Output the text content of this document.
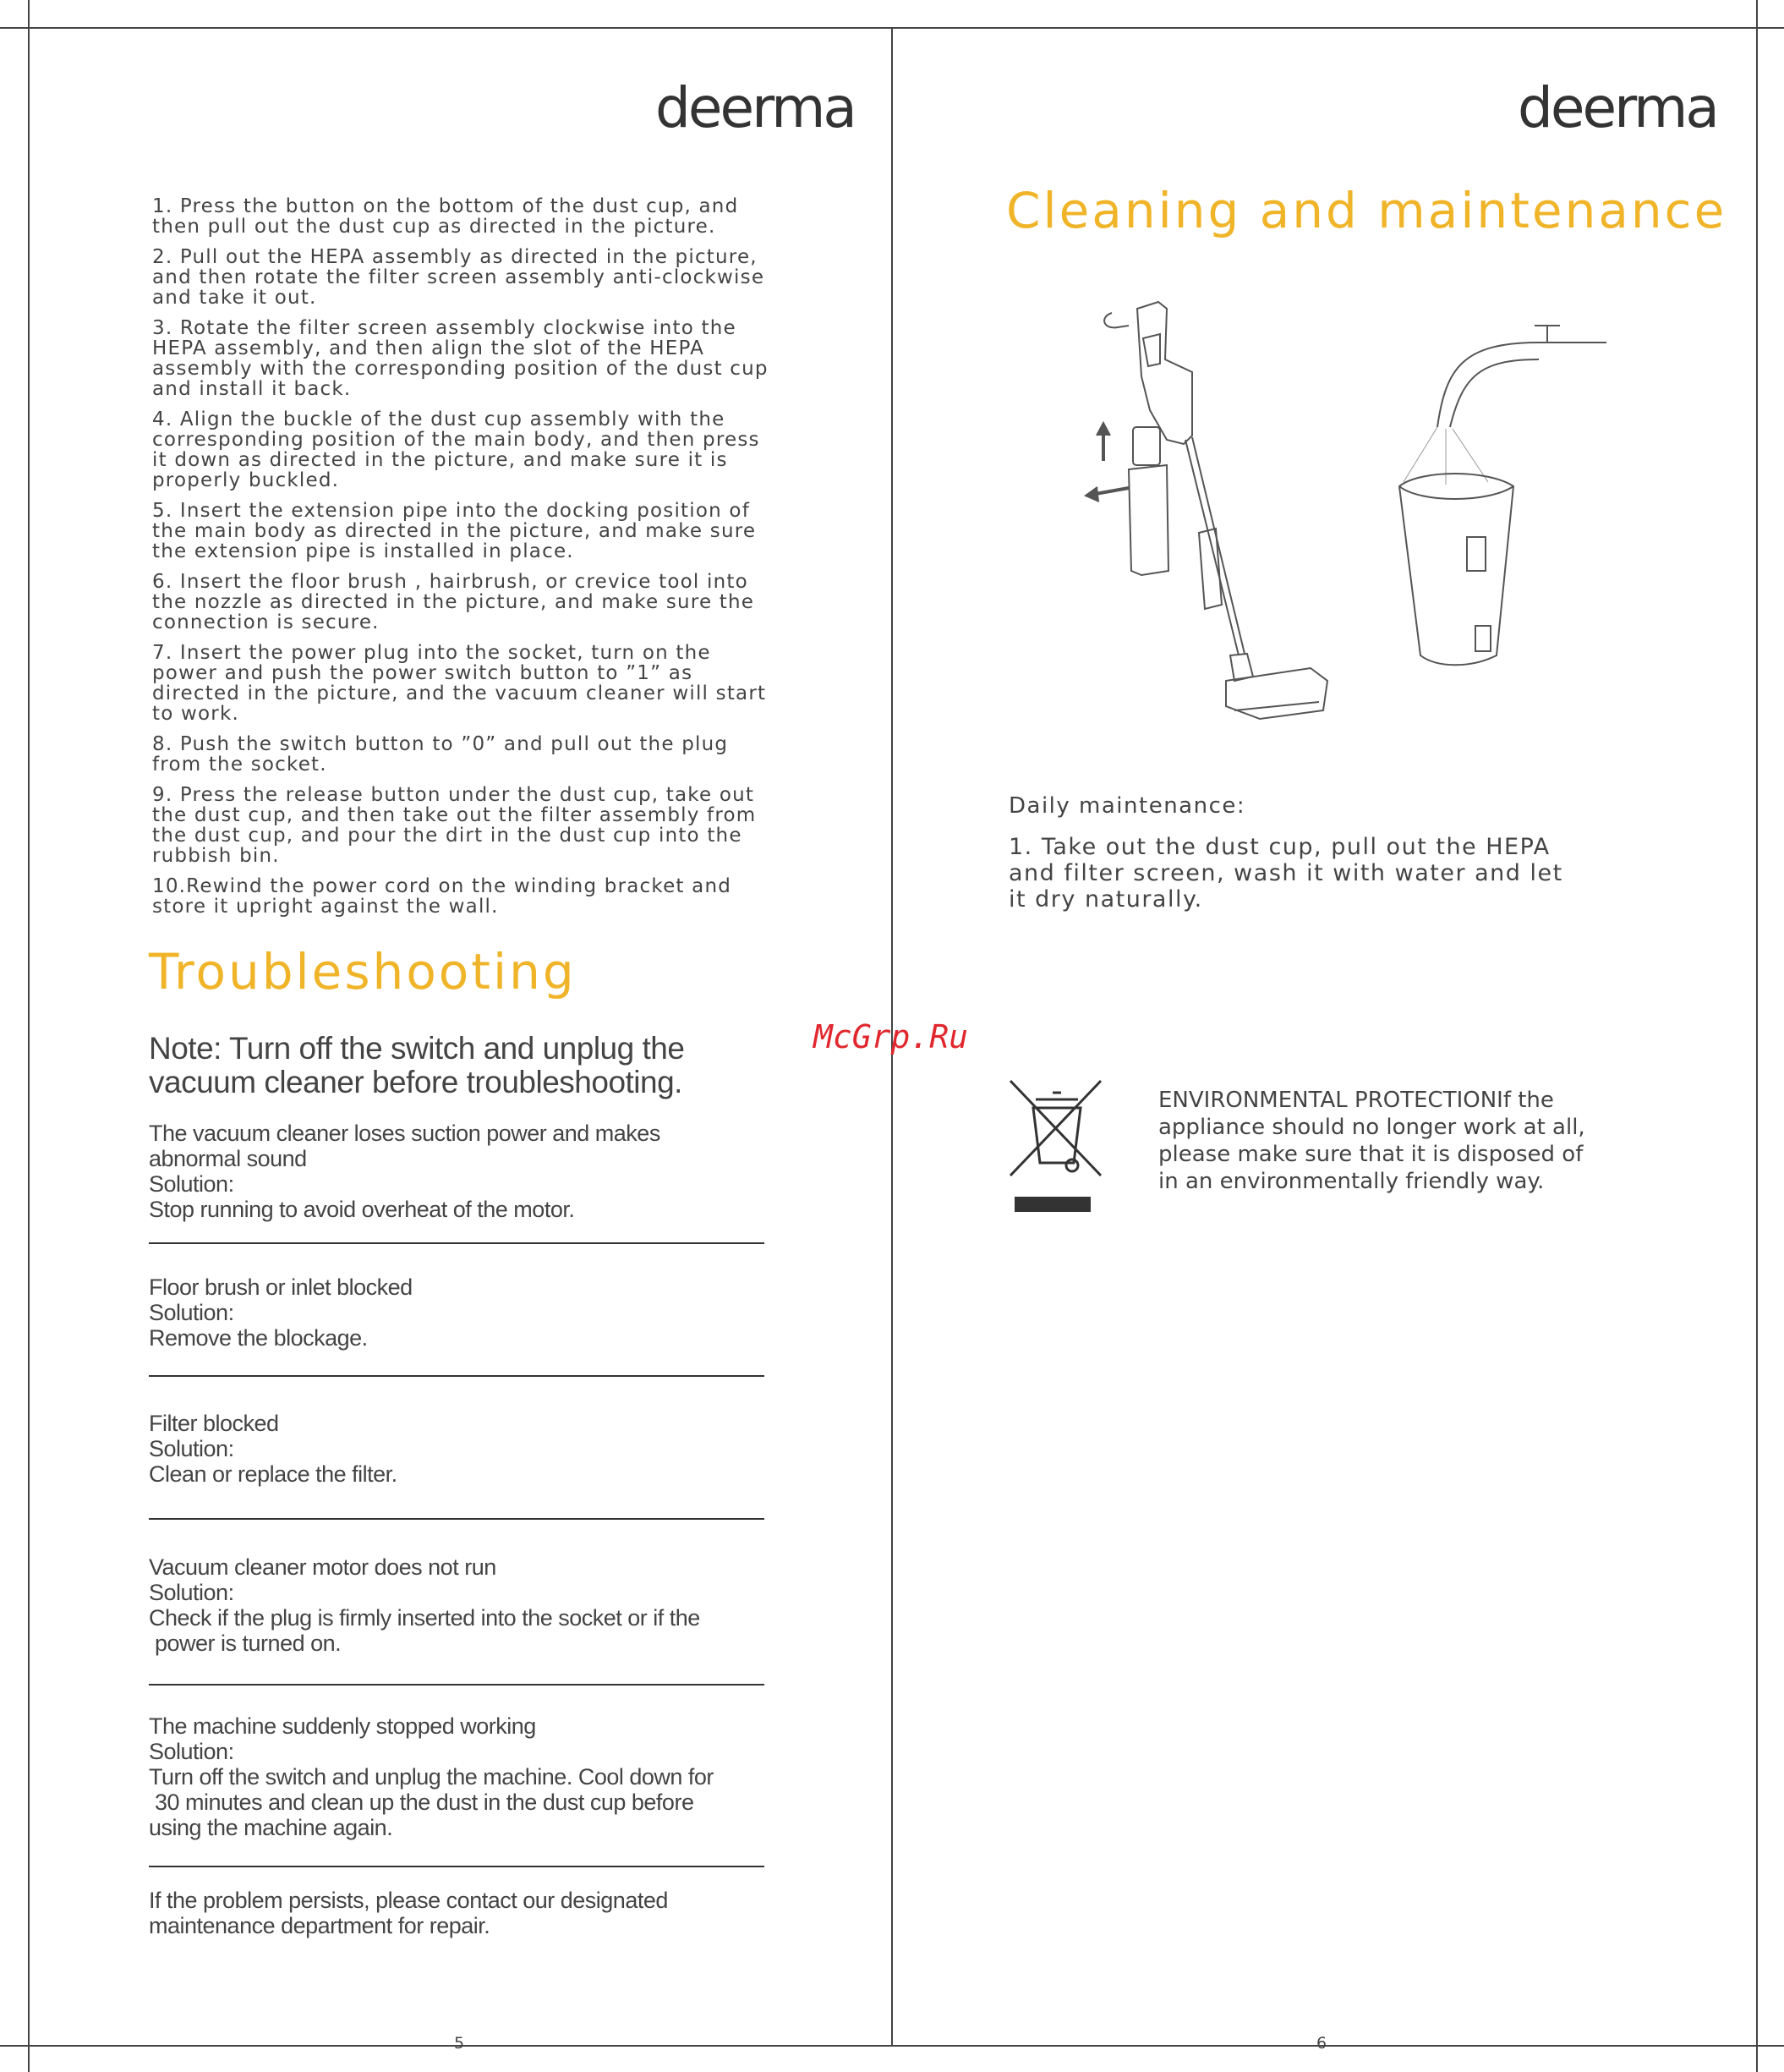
deerma

1. Press the button on the bottom of the dust cup, and then pull out the dust cup as directed in the picture.

2. Pull out the HEPA assembly as directed in the picture, and then rotate the filter screen assembly anti-clockwise and take it out.

3. Rotate the filter screen assembly clockwise into the HEPA assembly, and then align the slot of the HEPA assembly with the corresponding position of the dust cup and install it back.

4. Align the buckle of the dust cup assembly with the corresponding position of the main body, and then press it down as directed in the picture, and make sure it is properly buckled.

5. Insert the extension pipe into the docking position of the main body as directed in the picture, and make sure the extension pipe is installed in place.

6. Insert the floor brush , hairbrush, or crevice tool into the nozzle as directed in the picture, and make sure the connection is secure.

7. Insert the power plug into the socket, turn on the power and push the power switch button to ”1” as directed in the picture, and the vacuum cleaner will start to work.

8. Push the switch button to ”0” and pull out the plug from the socket.

9. Press the release button under the dust cup, take out the dust cup, and then take out the filter assembly from the dust cup, and pour the dirt in the dust cup into the rubbish bin.

10.Rewind the power cord on the winding bracket and store it upright against the wall.

Troubleshooting
Note: Turn off the switch and unplug the vacuum cleaner before troubleshooting.
The vacuum cleaner loses suction power and makes abnormal sound
Solution:
Stop running to avoid overheat of the motor.
Floor brush or inlet blocked
Solution:
Remove the blockage.
Filter blocked
Solution:
Clean or replace the filter.
Vacuum cleaner motor does not run
Solution:
Check if the plug is firmly inserted into the socket or if the
power is turned on.
The machine suddenly stopped working
Solution:
Turn off the switch and unplug the machine. Cool down for
30 minutes and clean up the dust in the dust cup before
using the machine again.
If the problem persists, please contact our designated maintenance department for repair.
5
McGrp.Ru
deerma
Cleaning and maintenance
Daily maintenance:
1. Take out the dust cup, pull out the HEPA and filter screen, wash it with water and let it dry naturally.
ENVIRONMENTAL PROTECTIONIf the appliance should no longer work at all, please make sure that it is disposed of in an environmentally friendly way.
6
